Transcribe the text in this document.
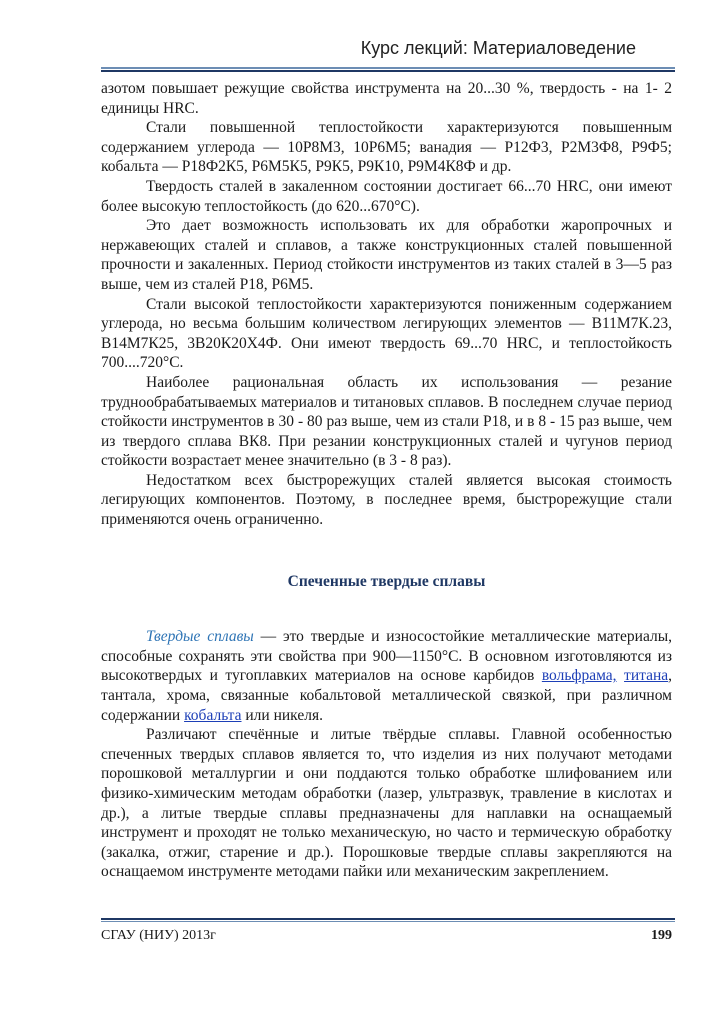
Курс лекций: Материаловедение

азотом повышает режущие свойства инструмента на 20...30 %, твердость - на 1- 2 единицы HRC.

Стали повышенной теплостойкости характеризуются повышенным содержанием углерода — 10Р8М3, 10Р6М5; ванадия — Р12Ф3, Р2М3Ф8, Р9Ф5; кобальта — Р18Ф2К5, Р6М5К5, Р9К5, Р9К10, Р9М4К8Ф и др.

Твердость сталей в закаленном состоянии достигает 66...70 HRC, они имеют более высокую теплостойкость (до 620...670°С).

Это дает возможность использовать их для обработки жаропрочных и нержавеющих сталей и сплавов, а также конструкционных сталей повышенной прочности и закаленных. Период стойкости инструментов из таких сталей в 3—5 раз выше, чем из сталей Р18, Р6М5.

Стали высокой теплостойкости характеризуются пониженным содержанием углерода, но весьма большим количеством легирующих элементов — В11М7К.23, В14М7К25, 3В20К20Х4Ф. Они имеют твердость 69...70 HRC, и теплостойкость 700....720°С.

Наиболее рациональная область их использования — резание труднообрабатываемых материалов и титановых сплавов. В последнем случае период стойкости инструментов в 30 - 80 раз выше, чем из стали Р18, и в 8 - 15 раз выше, чем из твердого сплава ВК8. При резании конструкционных сталей и чугунов период стойкости возрастает менее значительно (в 3 - 8 раз).

Недостатком всех быстрорежущих сталей является высокая стоимость легирующих компонентов. Поэтому, в последнее время, быстрорежущие стали применяются очень ограниченно.

Спеченные твердые сплавы

Твердые сплавы — это твердые и износостойкие металлические материалы, способные сохранять эти свойства при 900—1150°С. В основном изготовляются из высокотвердых и тугоплавких материалов на основе карбидов вольфрама, титана, тантала, хрома, связанные кобальтовой металлической связкой, при различном содержании кобальта или никеля.

Различают спечённые и литые твёрдые сплавы. Главной особенностью спеченных твердых сплавов является то, что изделия из них получают методами порошковой металлургии и они поддаются только обработке шлифованием или физико-химическим методам обработки (лазер, ультразвук, травление в кислотах и др.), а литые твердые сплавы предназначены для наплавки на оснащаемый инструмент и проходят не только механическую, но часто и термическую обработку (закалка, отжиг, старение и др.). Порошковые твердые сплавы закрепляются на оснащаемом инструменте методами пайки или механическим закреплением.

СГАУ (НИУ) 2013г	199
